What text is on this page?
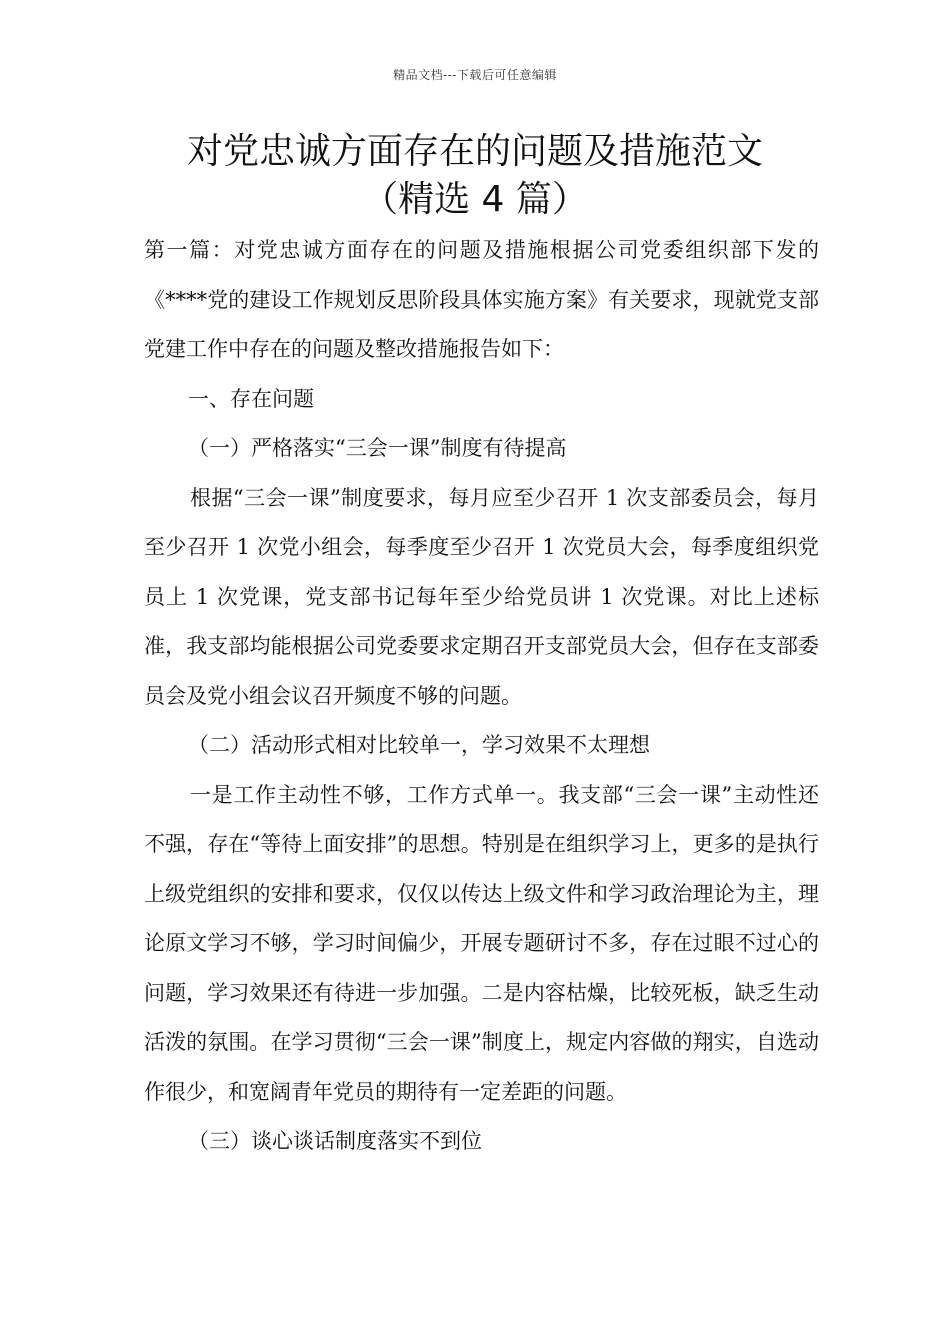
精品文档---下载后可任意编辑
对党忠诚方面存在的问题及措施范文
（精选 4 篇）

第一篇：对党忠诚方面存在的问题及措施根据公司党委组织部下发的《****党的建设工作规划反思阶段具体实施方案》有关要求，现就党支部党建工作中存在的问题及整改措施报告如下：

一、存在问题

（一）严格落实“三会一课”制度有待提高

根据“三会一课”制度要求，每月应至少召开 1 次支部委员会，每月至少召开 1 次党小组会，每季度至少召开 1 次党员大会，每季度组织党员上 1 次党课，党支部书记每年至少给党员讲 1 次党课。对比上述标准，我支部均能根据公司党委要求定期召开支部党员大会，但存在支部委员会及党小组会议召开频度不够的问题。

（二）活动形式相对比较单一，学习效果不太理想

一是工作主动性不够，工作方式单一。我支部“三会一课”主动性还不强，存在“等待上面安排”的思想。特别是在组织学习上，更多的是执行上级党组织的安排和要求，仅仅以传达上级文件和学习政治理论为主，理论原文学习不够，学习时间偏少，开展专题研讨不多，存在过眼不过心的问题，学习效果还有待进一步加强。二是内容枯燥，比较死板，缺乏生动活泼的氛围。在学习贯彻“三会一课”制度上，规定内容做的翔实，自选动作很少，和宽阔青年党员的期待有一定差距的问题。

（三）谈心谈话制度落实不到位
